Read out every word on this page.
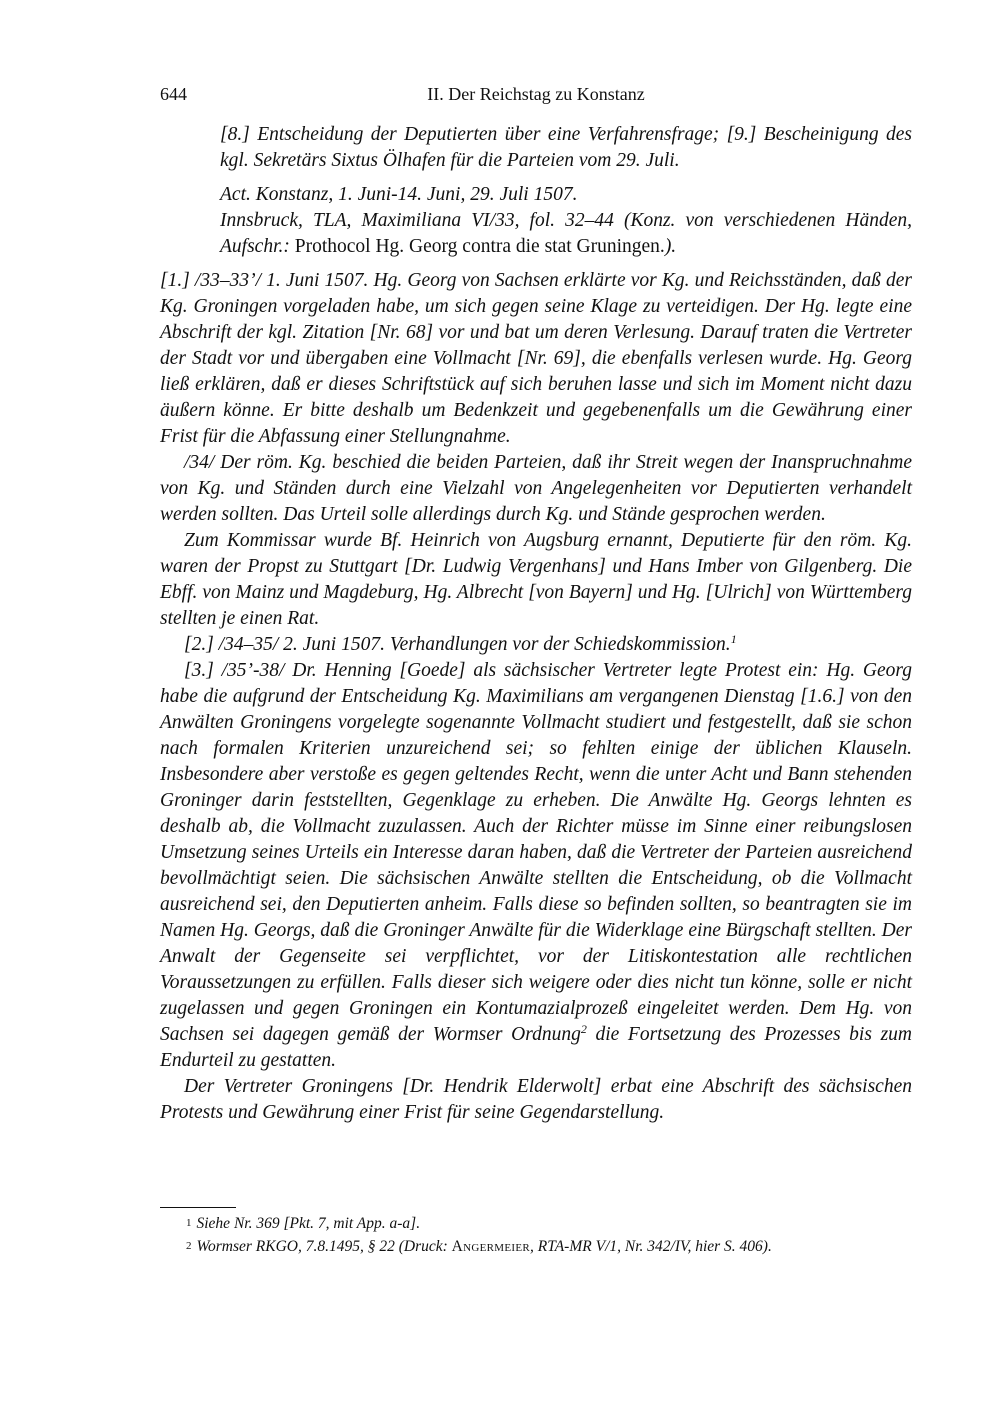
644	II. Der Reichstag zu Konstanz

[8.] Entscheidung der Deputierten über eine Verfahrensfrage; [9.] Bescheinigung des kgl. Sekretärs Sixtus Ölhafen für die Parteien vom 29. Juli.

Act. Konstanz, 1. Juni-14. Juni, 29. Juli 1507.

Innsbruck, TLA, Maximiliana VI/33, fol. 32–44 (Konz. von verschiedenen Händen, Aufschr.: Prothocol Hg. Georg contra die stat Gruningen.).

[1.] /33–33’/ 1. Juni 1507. Hg. Georg von Sachsen erklärte vor Kg. und Reichsständen, daß der Kg. Groningen vorgeladen habe, um sich gegen seine Klage zu verteidigen. Der Hg. legte eine Abschrift der kgl. Zitation [Nr. 68] vor und bat um deren Verlesung. Darauf traten die Vertreter der Stadt vor und übergaben eine Vollmacht [Nr. 69], die ebenfalls verlesen wurde. Hg. Georg ließ erklären, daß er dieses Schriftstück auf sich beruhen lasse und sich im Moment nicht dazu äußern könne. Er bitte deshalb um Bedenkzeit und gegebenenfalls um die Gewährung einer Frist für die Abfassung einer Stellungnahme.

/34/ Der röm. Kg. beschied die beiden Parteien, daß ihr Streit wegen der Inanspruchnahme von Kg. und Ständen durch eine Vielzahl von Angelegenheiten vor Deputierten verhandelt werden sollten. Das Urteil solle allerdings durch Kg. und Stände gesprochen werden.

Zum Kommissar wurde Bf. Heinrich von Augsburg ernannt, Deputierte für den röm. Kg. waren der Propst zu Stuttgart [Dr. Ludwig Vergenhans] und Hans Imber von Gilgenberg. Die Ebff. von Mainz und Magdeburg, Hg. Albrecht [von Bayern] und Hg. [Ulrich] von Württemberg stellten je einen Rat.

[2.] /34–35/ 2. Juni 1507. Verhandlungen vor der Schiedskommission.$^1$

[3.] /35’-38/ Dr. Henning [Goede] als sächsischer Vertreter legte Protest ein: Hg. Georg habe die aufgrund der Entscheidung Kg. Maximilians am vergangenen Dienstag [1.6.] von den Anwälten Groningens vorgelegte sogenannte Vollmacht studiert und festgestellt, daß sie schon nach formalen Kriterien unzureichend sei; so fehlten einige der üblichen Klauseln. Insbesondere aber verstoße es gegen geltendes Recht, wenn die unter Acht und Bann stehenden Groninger darin feststellten, Gegenklage zu erheben. Die Anwälte Hg. Georgs lehnten es deshalb ab, die Vollmacht zuzulassen. Auch der Richter müsse im Sinne einer reibungslosen Umsetzung seines Urteils ein Interesse daran haben, daß die Vertreter der Parteien ausreichend bevollmächtigt seien. Die sächsischen Anwälte stellten die Entscheidung, ob die Vollmacht ausreichend sei, den Deputierten anheim. Falls diese so befinden sollten, so beantragten sie im Namen Hg. Georgs, daß die Groninger Anwälte für die Widerklage eine Bürgschaft stellten. Der Anwalt der Gegenseite sei verpflichtet, vor der Litiskontestation alle rechtlichen Voraussetzungen zu erfüllen. Falls dieser sich weigere oder dies nicht tun könne, solle er nicht zugelassen und gegen Groningen ein Kontumazialprozeß eingeleitet werden. Dem Hg. von Sachsen sei dagegen gemäß der Wormser Ordnung$^2$ die Fortsetzung des Prozesses bis zum Endurteil zu gestatten.

Der Vertreter Groningens [Dr. Hendrik Elderwolt] erbat eine Abschrift des sächsischen Protests und Gewährung einer Frist für seine Gegendarstellung.

1 Siehe Nr. 369 [Pkt. 7, mit App. a-a].

2 Wormser RKGO, 7.8.1495, § 22 (Druck: Angermeier, RTA-MR V/1, Nr. 342/IV, hier S. 406).
